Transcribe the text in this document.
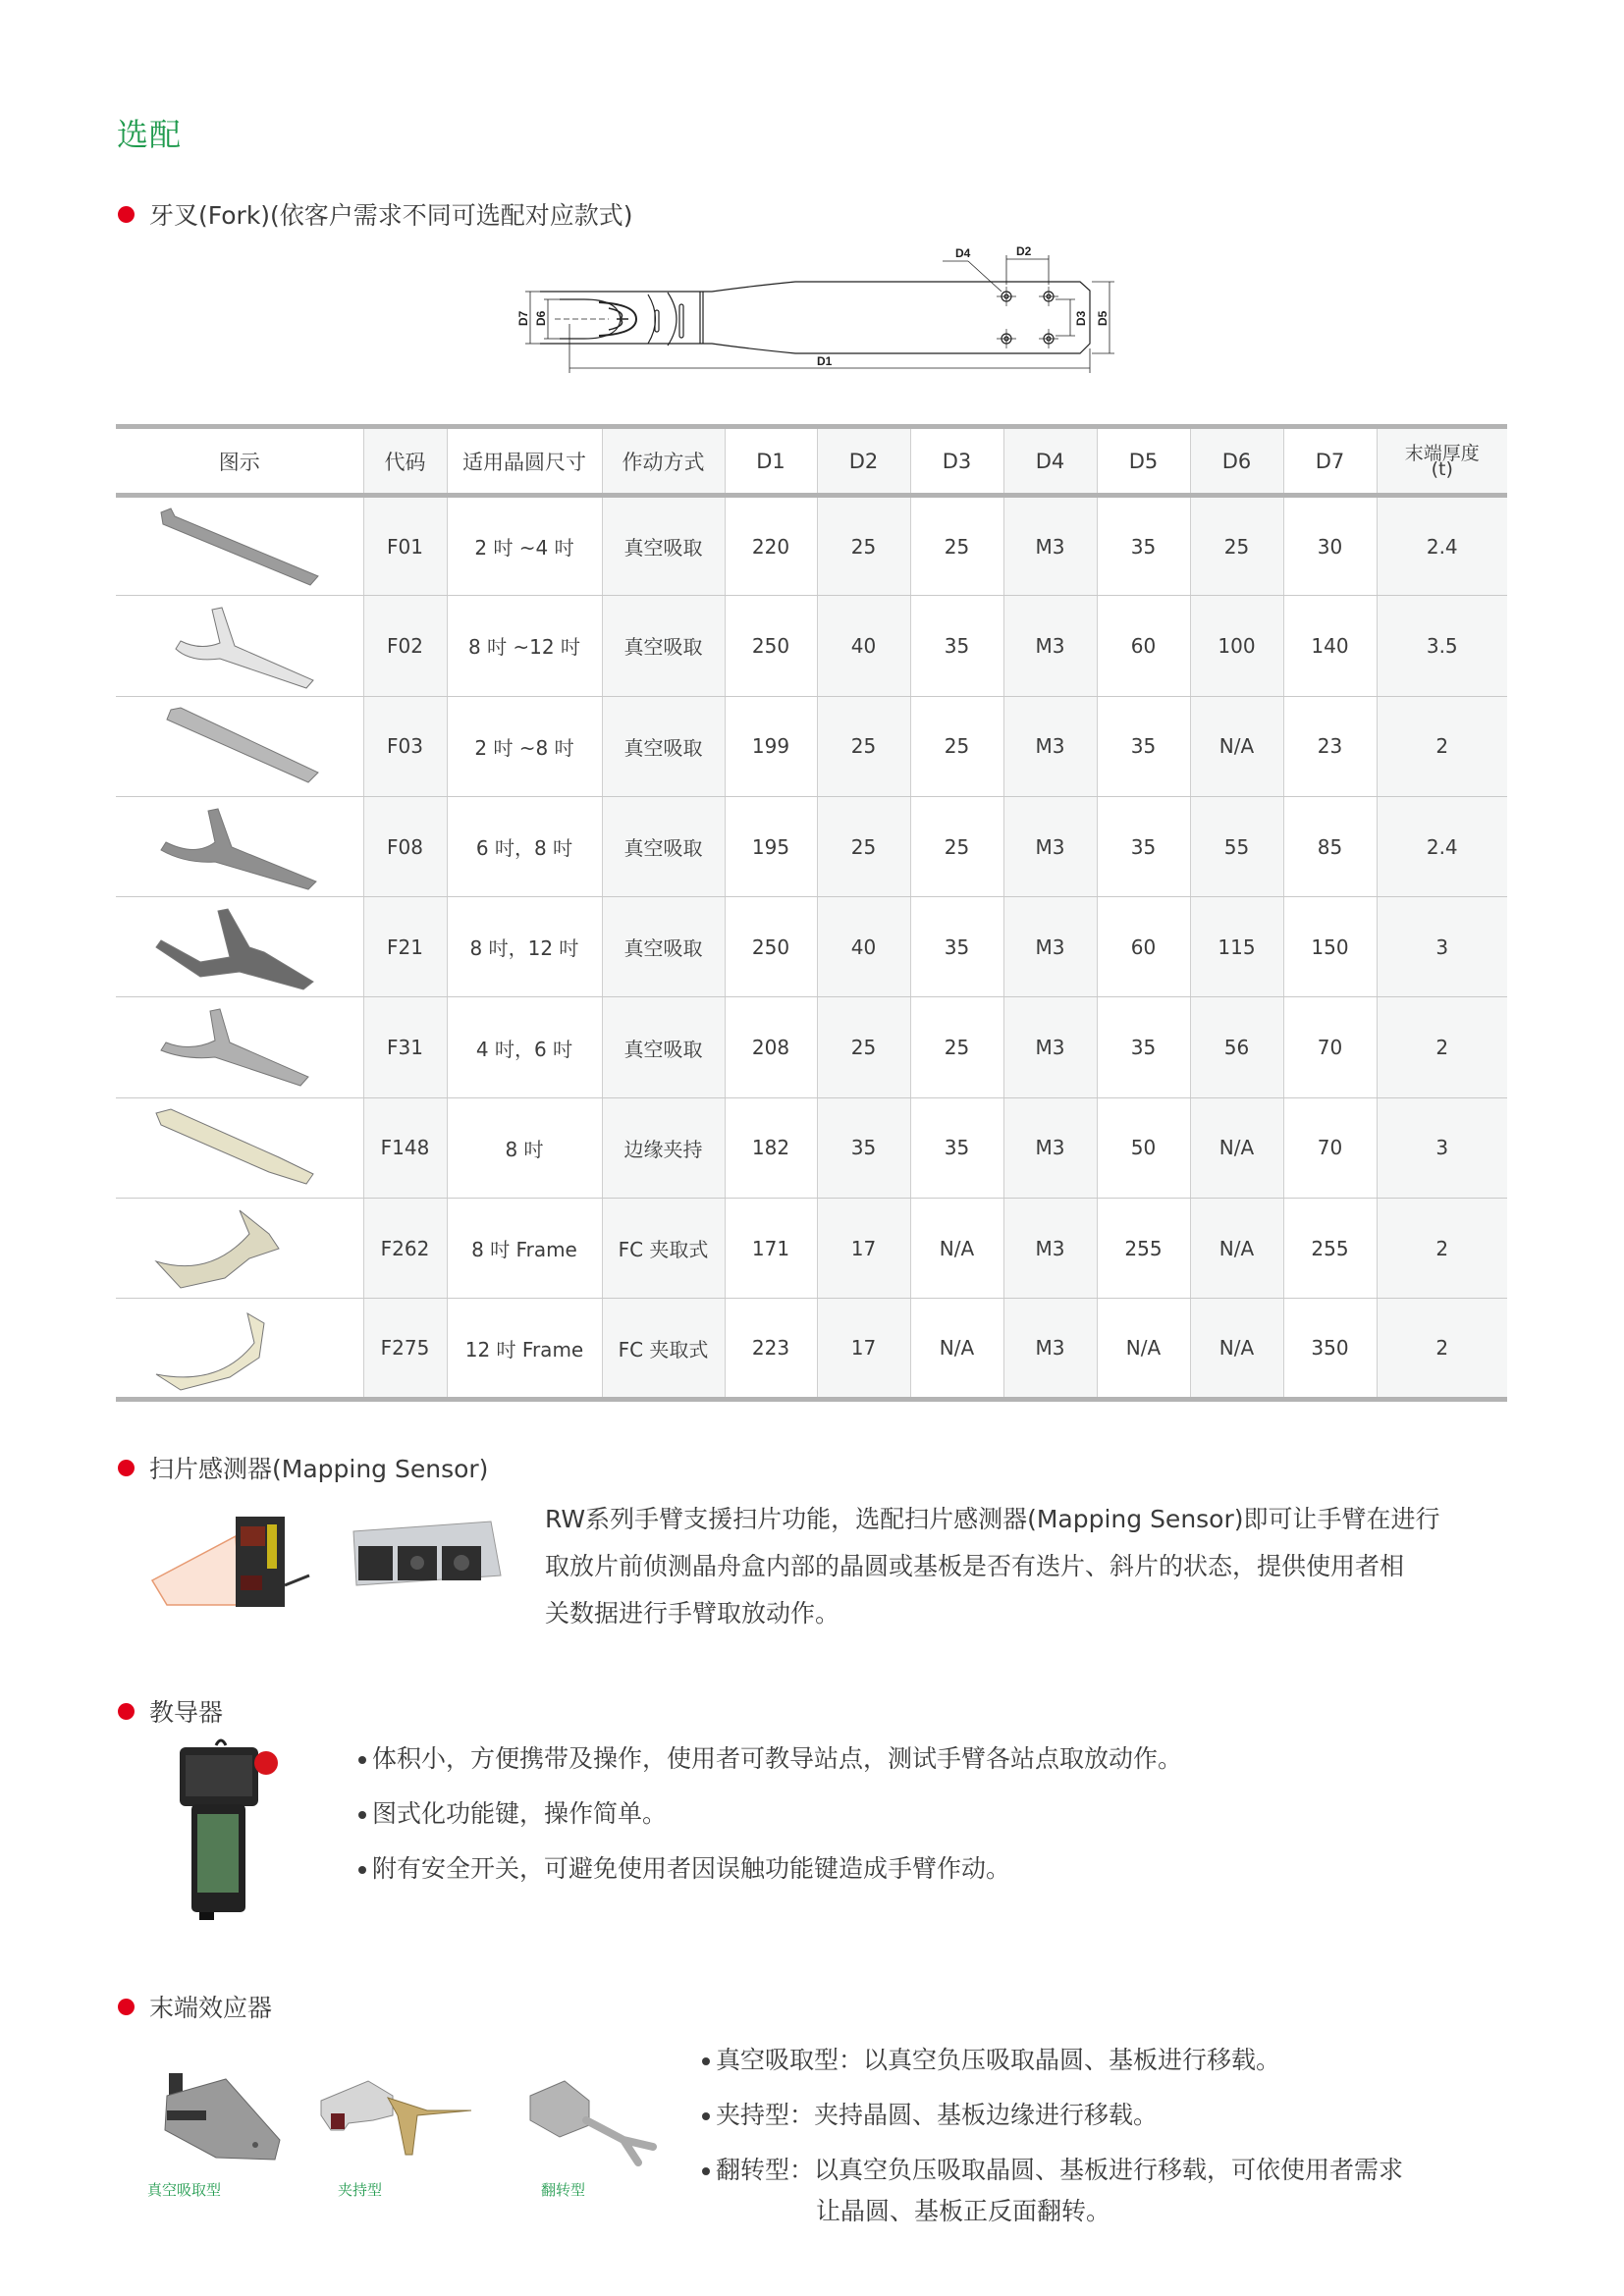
选配
牙叉(Fork)(依客户需求不同可选配对应款式)
D4	D2
D1
D7 D6	D3 D5
图示	代码	适用晶圆尺寸	作动方式	D1	D2	D3	D4	D5	D6	D7	末端厚度
(t)

	F01	2 吋 ~4 吋	真空吸取	220	25	25	M3	35	25	30	2.4

	F02	8 吋 ~12 吋	真空吸取	250	40	35	M3	60	100	140	3.5

	F03	2 吋 ~8 吋	真空吸取	199	25	25	M3	35	N/A	23	2

	F08	6 吋，8 吋	真空吸取	195	25	25	M3	35	55	85	2.4

	F21	8 吋，12 吋	真空吸取	250	40	35	M3	60	115	150	3

	F31	4 吋，6 吋	真空吸取	208	25	25	M3	35	56	70	2

	F148	8 吋	边缘夹持	182	35	35	M3	50	N/A	70	3

	F262	8 吋 Frame	FC 夹取式	171	17	N/A	M3	255	N/A	255	2

	F275	12 吋 Frame	FC 夹取式	223	17	N/A	M3	N/A	N/A	350	2
扫片感测器(Mapping Sensor)
RW系列手臂支援扫片功能，选配扫片感测器(Mapping Sensor)即可让手臂在进行
取放片前侦测晶舟盒内部的晶圆或基板是否有迭片、斜片的状态，提供使用者相
关数据进行手臂取放动作。
教导器
体积小，方便携带及操作，使用者可教导站点，测试手臂各站点取放动作。
图式化功能键，操作简单。
附有安全开关，可避免使用者因误触功能键造成手臂作动。
末端效应器
真空吸取型	夹持型	翻转型
真空吸取型：以真空负压吸取晶圆、基板进行移载。
夹持型：夹持晶圆、基板边缘进行移载。
翻转型：以真空负压吸取晶圆、基板进行移载，可依使用者需求
让晶圆、基板正反面翻转。
